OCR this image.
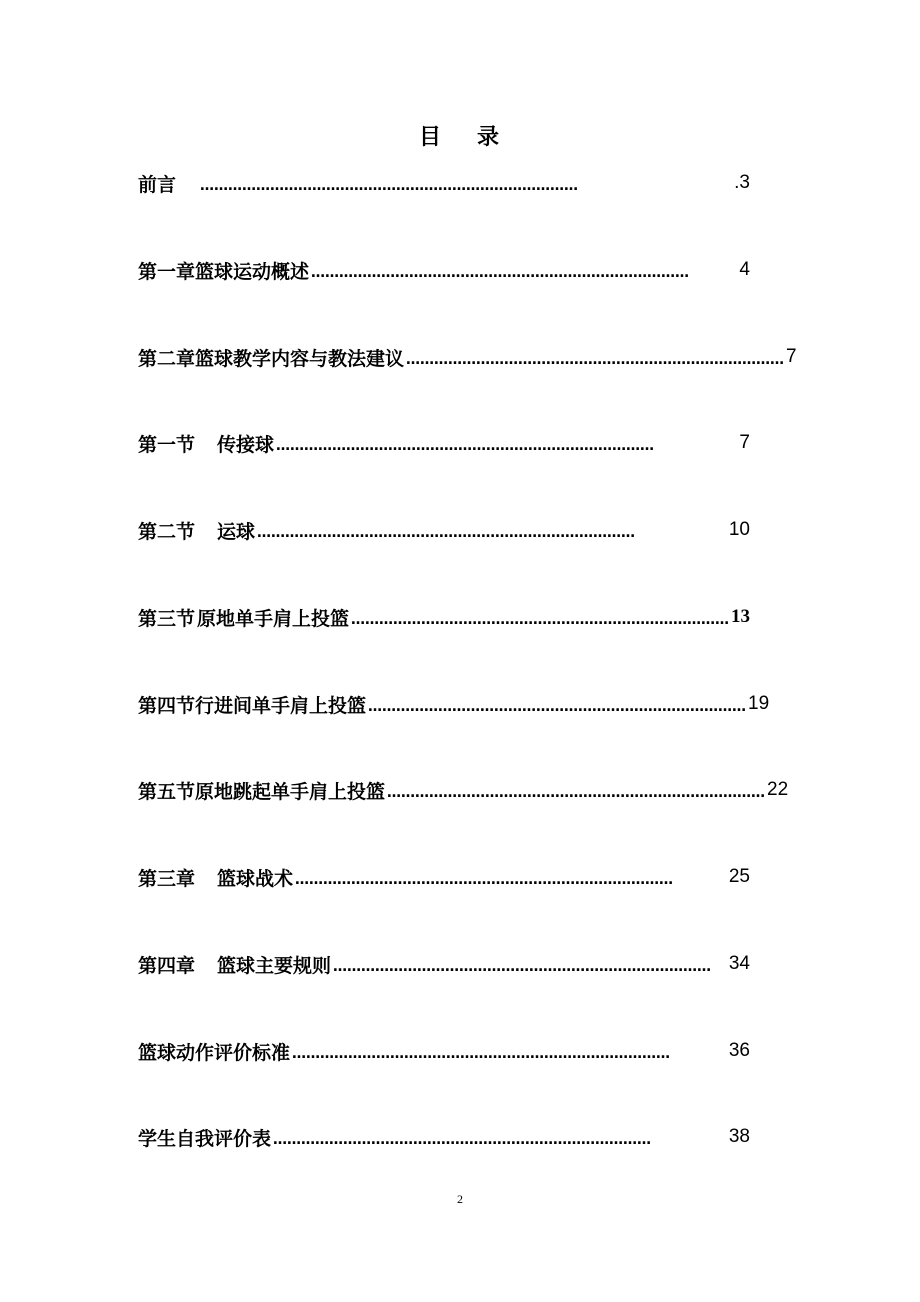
目 录
前言 ………………………………………………………………………	.3
第一章篮球运动概述 ………………………………………………………………………	4
第二章 篮球教学内容与教法建议 ……………………………………………………………………… 7
第一节 传接球 ………………………………………………………………………	7
第二节 运球 ………………………………………………………………………	10
第三节 原地单手肩上投篮 ……………………………………………………………………… 13
第四节 行进间单手肩上投篮 ……………………………………………………………………… 19
第五节 原地跳起单手肩上投篮 ……………………………………………………………………… 22
第三章 篮球战术 ………………………………………………………………………	25
第四章 篮球主要规则 ……………………………………………………………………… 34
篮球动作评价标准 ………………………………………………………………………	36
学生自我评价表 ………………………………………………………………………	38
2
